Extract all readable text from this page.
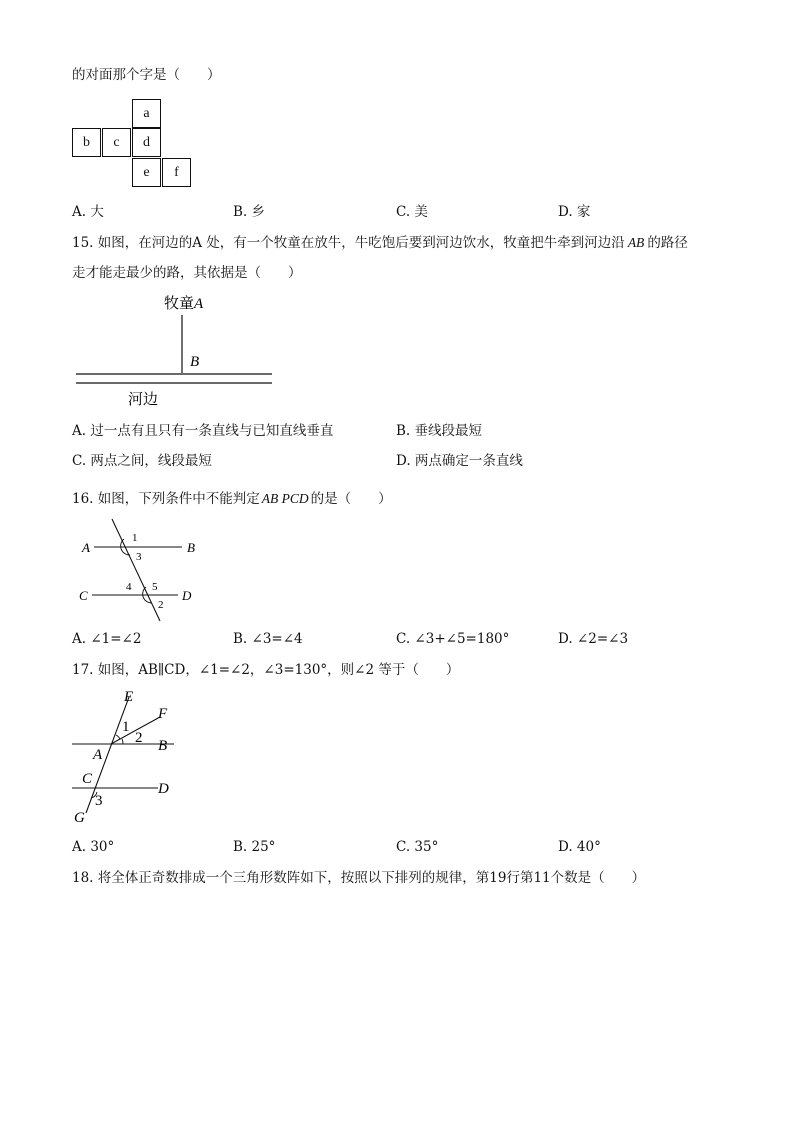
的对面那个字是（　　）
a
b	c	d
e	f
A. 大	B. 乡	C. 美	D. 家
15. 如图，在河边的A 处，有一个牧童在放牛，牛吃饱后要到河边饮水，牧童把牛牵到河边沿 AB 的路径
走才能走最少的路，其依据是（　　）
牧童 A
B
河边
A. 过一点有且只有一条直线与已知直线垂直	B. 垂线段最短
C. 两点之间，线段最短	D. 两点确定一条直线
16. 如图，下列条件中不能判定 AB PCD 的是（　　）
A	B
C	D
1
3
4 5
2
A. ∠1=∠2	B. ∠3=∠4	C. ∠3+∠5=180°	D. ∠2=∠3
17. 如图，AB∥CD，∠1=∠2，∠3=130°，则∠2 等于（　　）
E
F
1
2
A
B
C
D
3
G
A. 30°	B. 25°	C. 35°	D. 40°
18. 将全体正奇数排成一个三角形数阵如下，按照以下排列的规律，第19行第11个数是（　　）
